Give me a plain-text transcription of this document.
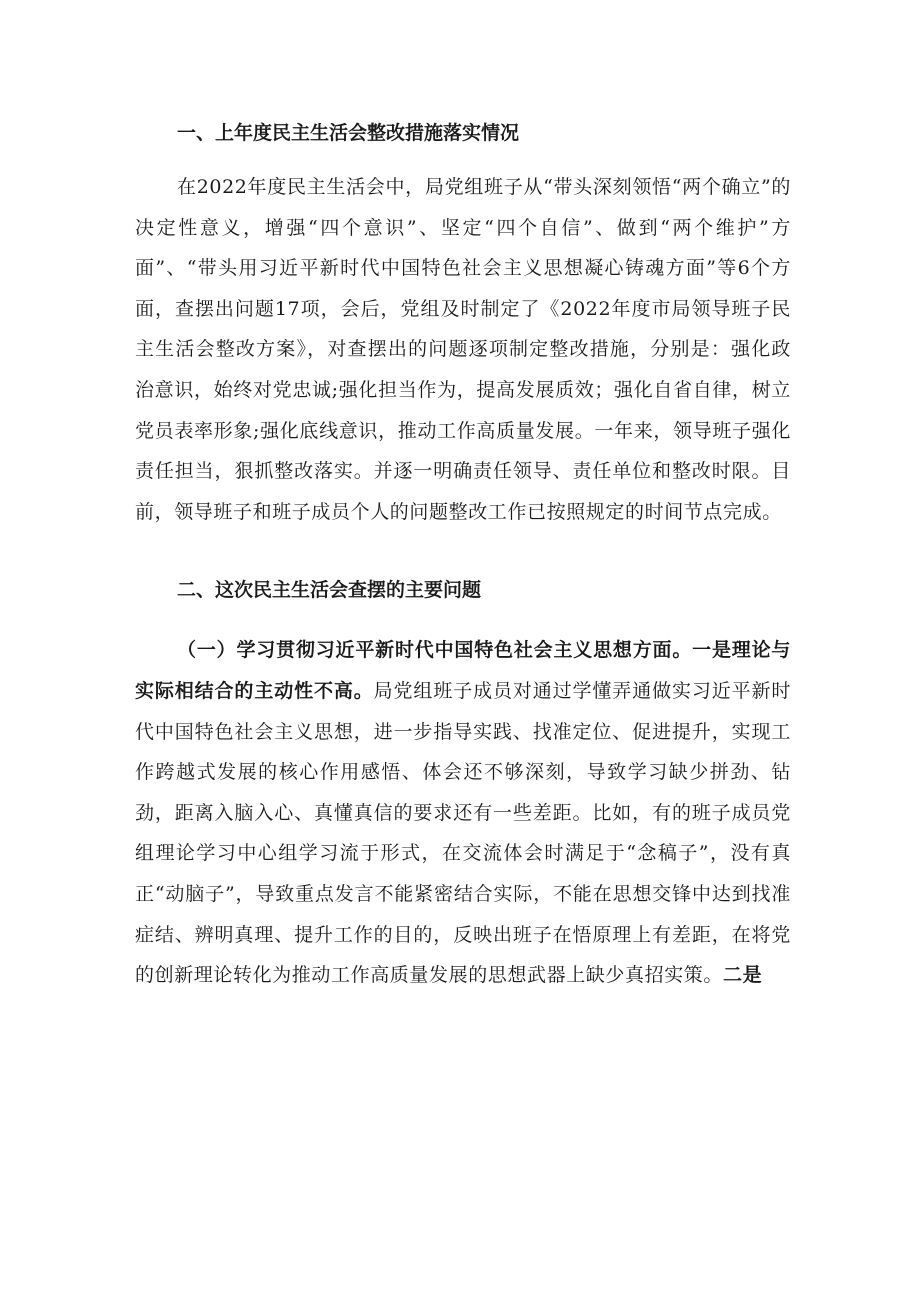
一、上年度民主生活会整改措施落实情况

在2022年度民主生活会中，局党组班子从“带头深刻领悟“两个确立”的决定性意义，增强“四个意识”、坚定“四个自信”、做到“两个维护”方面”、“带头用习近平新时代中国特色社会主义思想凝心铸魂方面”等6个方面，查摆出问题17项，会后，党组及时制定了《2022年度市局领导班子民主生活会整改方案》，对查摆出的问题逐项制定整改措施，分别是：强化政治意识，始终对党忠诚;强化担当作为，提高发展质效；强化自省自律，树立党员表率形象;强化底线意识，推动工作高质量发展。一年来，领导班子强化责任担当，狠抓整改落实。并逐一明确责任领导、责任单位和整改时限。目前，领导班子和班子成员个人的问题整改工作已按照规定的时间节点完成。

二、这次民主生活会查摆的主要问题

（一）学习贯彻习近平新时代中国特色社会主义思想方面。一是理论与实际相结合的主动性不高。局党组班子成员对通过学懂弄通做实习近平新时代中国特色社会主义思想，进一步指导实践、找准定位、促进提升，实现工作跨越式发展的核心作用感悟、体会还不够深刻，导致学习缺少拼劲、钻劲，距离入脑入心、真懂真信的要求还有一些差距。比如，有的班子成员党组理论学习中心组学习流于形式，在交流体会时满足于“念稿子”，没有真正“动脑子”，导致重点发言不能紧密结合实际，不能在思想交锋中达到找准症结、辨明真理、提升工作的目的，反映出班子在悟原理上有差距，在将党的创新理论转化为推动工作高质量发展的思想武器上缺少真招实策。二是
